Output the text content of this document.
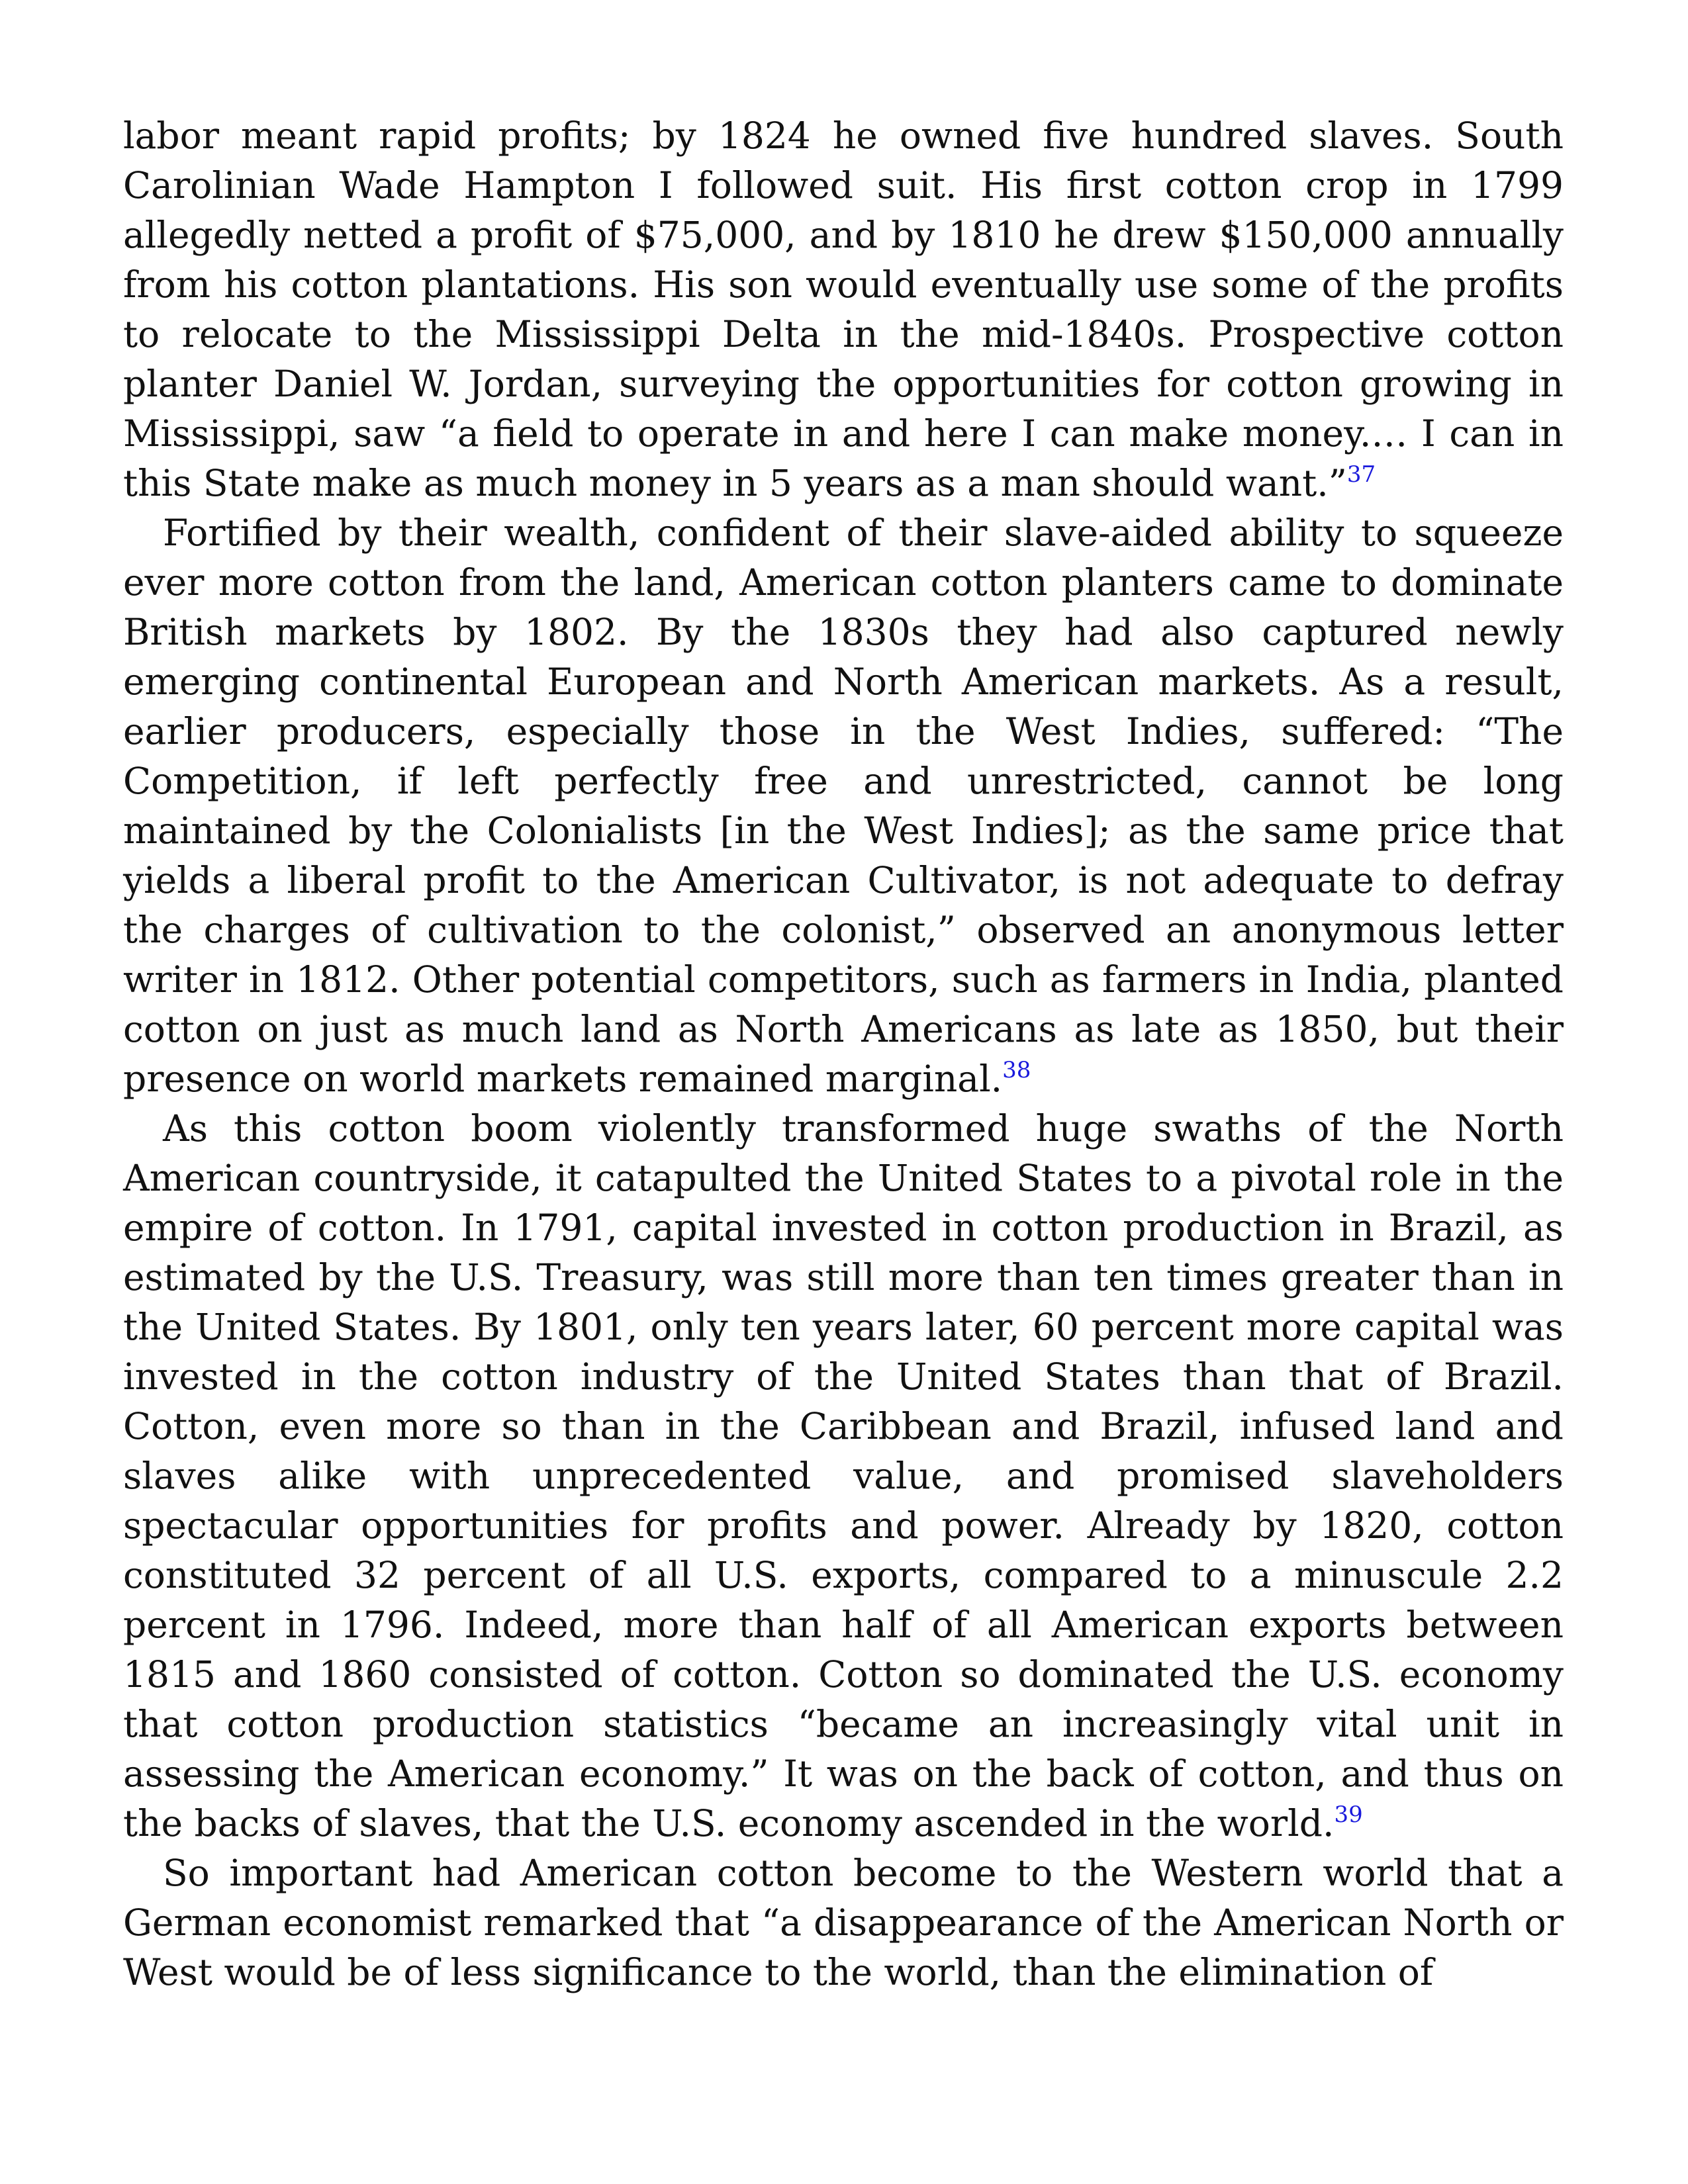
labor meant rapid profits; by 1824 he owned five hundred slaves. South Carolinian Wade Hampton I followed suit. His first cotton crop in 1799 allegedly netted a profit of $75,000, and by 1810 he drew $150,000 annually from his cotton plantations. His son would eventually use some of the profits to relocate to the Mississippi Delta in the mid-1840s. Prospective cotton planter Daniel W. Jordan, surveying the opportunities for cotton growing in Mississippi, saw “a field to operate in and here I can make money.… I can in this State make as much money in 5 years as a man should want.”$^{37}$

Fortified by their wealth, confident of their slave-aided ability to squeeze ever more cotton from the land, American cotton planters came to dominate British markets by 1802. By the 1830s they had also captured newly emerging continental European and North American markets. As a result, earlier producers, especially those in the West Indies, suffered: “The Competition, if left perfectly free and unrestricted, cannot be long maintained by the Colonialists [in the West Indies]; as the same price that yields a liberal profit to the American Cultivator, is not adequate to defray the charges of cultivation to the colonist,” observed an anonymous letter writer in 1812. Other potential competitors, such as farmers in India, planted cotton on just as much land as North Americans as late as 1850, but their presence on world markets remained marginal.$^{38}$

As this cotton boom violently transformed huge swaths of the North American countryside, it catapulted the United States to a pivotal role in the empire of cotton. In 1791, capital invested in cotton production in Brazil, as estimated by the U.S. Treasury, was still more than ten times greater than in the United States. By 1801, only ten years later, 60 percent more capital was invested in the cotton industry of the United States than that of Brazil. Cotton, even more so than in the Caribbean and Brazil, infused land and slaves alike with unprecedented value, and promised slaveholders spectacular opportunities for profits and power. Already by 1820, cotton constituted 32 percent of all U.S. exports, compared to a minuscule 2.2 percent in 1796. Indeed, more than half of all American exports between 1815 and 1860 consisted of cotton. Cotton so dominated the U.S. economy that cotton production statistics “became an increasingly vital unit in assessing the American economy.” It was on the back of cotton, and thus on the backs of slaves, that the U.S. economy ascended in the world.$^{39}$

So important had American cotton become to the Western world that a German economist remarked that “a disappearance of the American North or West would be of less significance to the world, than the elimination of
